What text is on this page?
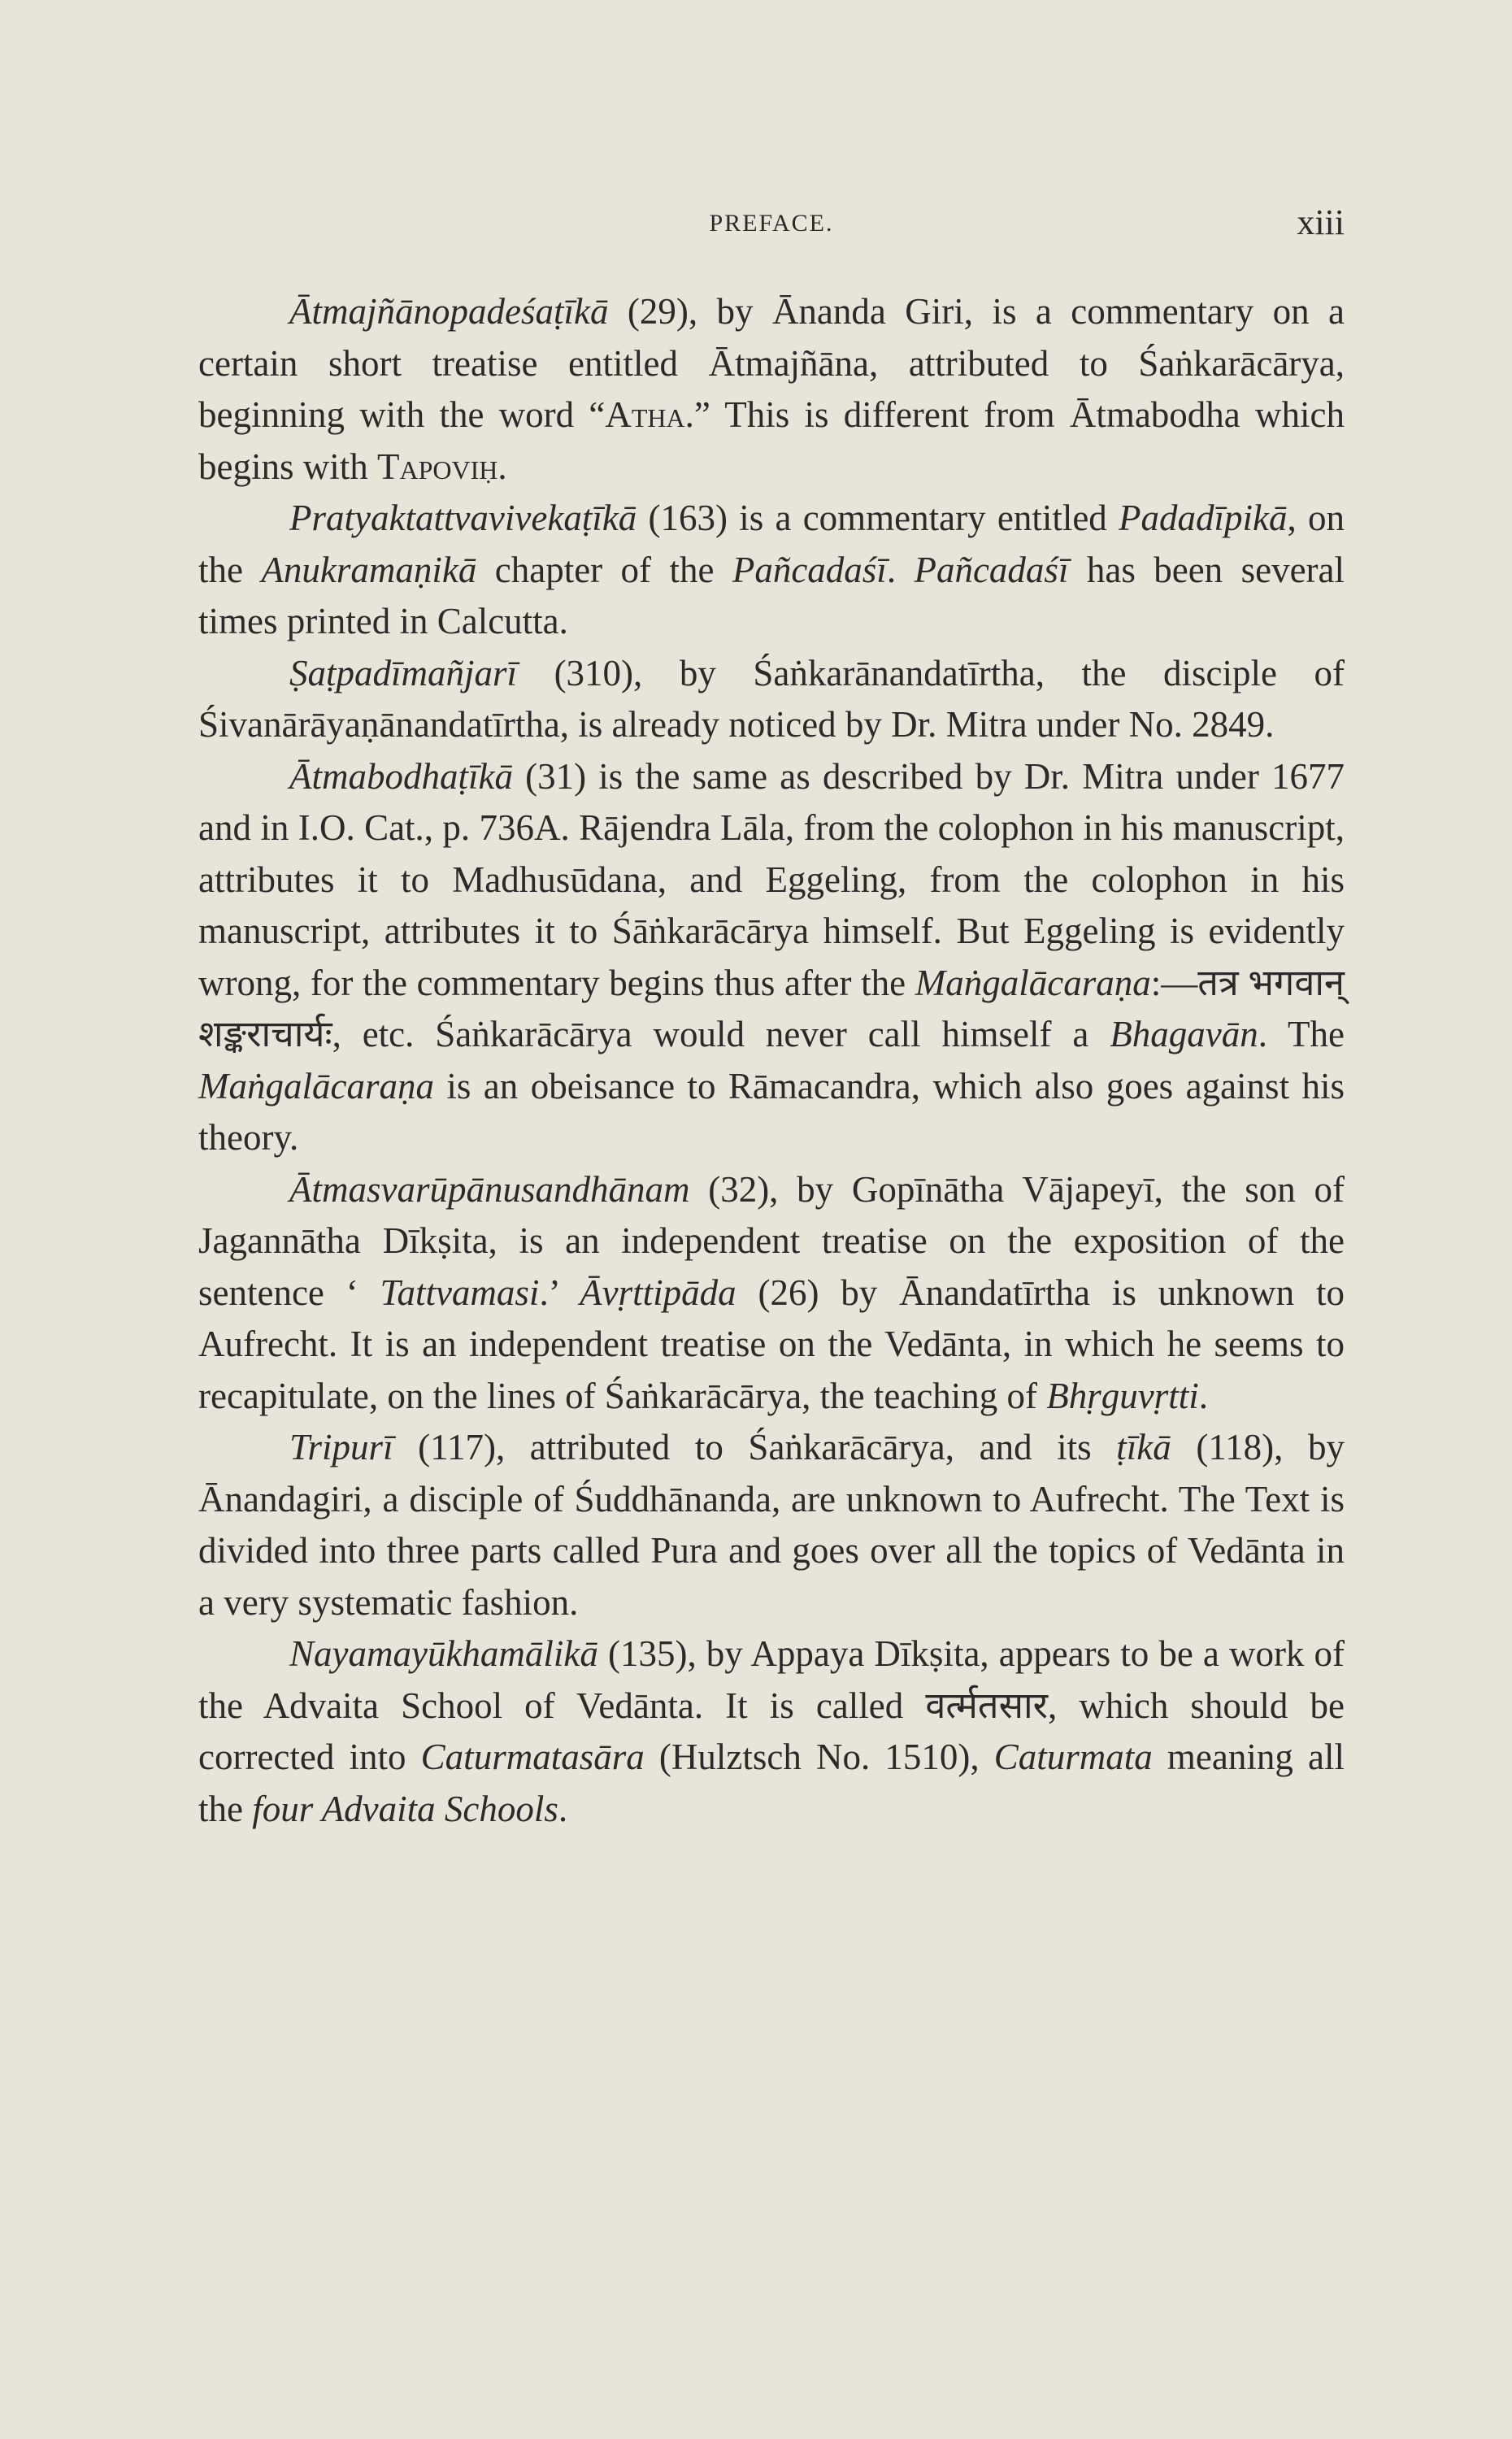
PREFACE.	xiii

Ātmajñānopadeśaṭīkā (29), by Ānanda Giri, is a commentary on a certain short treatise entitled Ātmajñāna, attributed to Śaṅkarācārya, beginning with the word “Atha.” This is different from Ātmabodha which begins with Tapoviḥ.

Pratyaktattvavivekaṭīkā (163) is a commentary entitled Padadīpikā, on the Anukramaṇikā chapter of the Pañcadaśī. Pañcadaśī has been several times printed in Calcutta.

Ṣaṭpadīmañjarī (310), by Śaṅkarānandatīrtha, the disciple of Śivanārāyaṇānandatīrtha, is already noticed by Dr. Mitra under No. 2849.

Ātmabodhaṭīkā (31) is the same as described by Dr. Mitra under 1677 and in I.O. Cat., p. 736A. Rājendra Lāla, from the colophon in his manuscript, attributes it to Madhusūdana, and Eggeling, from the colophon in his manuscript, attributes it to Śāṅkarācārya himself. But Eggeling is evidently wrong, for the commentary begins thus after the Maṅgalācaraṇa:—तत्र भगवान् शङ्कराचार्यः, etc. Śaṅkarācārya would never call himself a Bhagavān. The Maṅgalācaraṇa is an obeisance to Rāmacandra, which also goes against his theory.

Ātmasvarūpānusandhānam (32), by Gopīnātha Vājapeyī, the son of Jagannātha Dīkṣita, is an independent treatise on the exposition of the sentence ‘ Tattvamasi.’ Āvṛttipāda (26) by Ānandatīrtha is unknown to Aufrecht. It is an independent treatise on the Vedānta, in which he seems to recapitulate, on the lines of Śaṅkarācārya, the teaching of Bhṛguvṛtti.

Tripurī (117), attributed to Śaṅkarācārya, and its ṭīkā (118), by Ānandagiri, a disciple of Śuddhānanda, are unknown to Aufrecht. The Text is divided into three parts called Pura and goes over all the topics of Vedānta in a very systematic fashion.

Nayamayūkhamālikā (135), by Appaya Dīkṣita, appears to be a work of the Advaita School of Vedānta. It is called वर्त्मतसार, which should be corrected into Caturmatasāra (Hulztsch No. 1510), Caturmata meaning all the four Advaita Schools.
